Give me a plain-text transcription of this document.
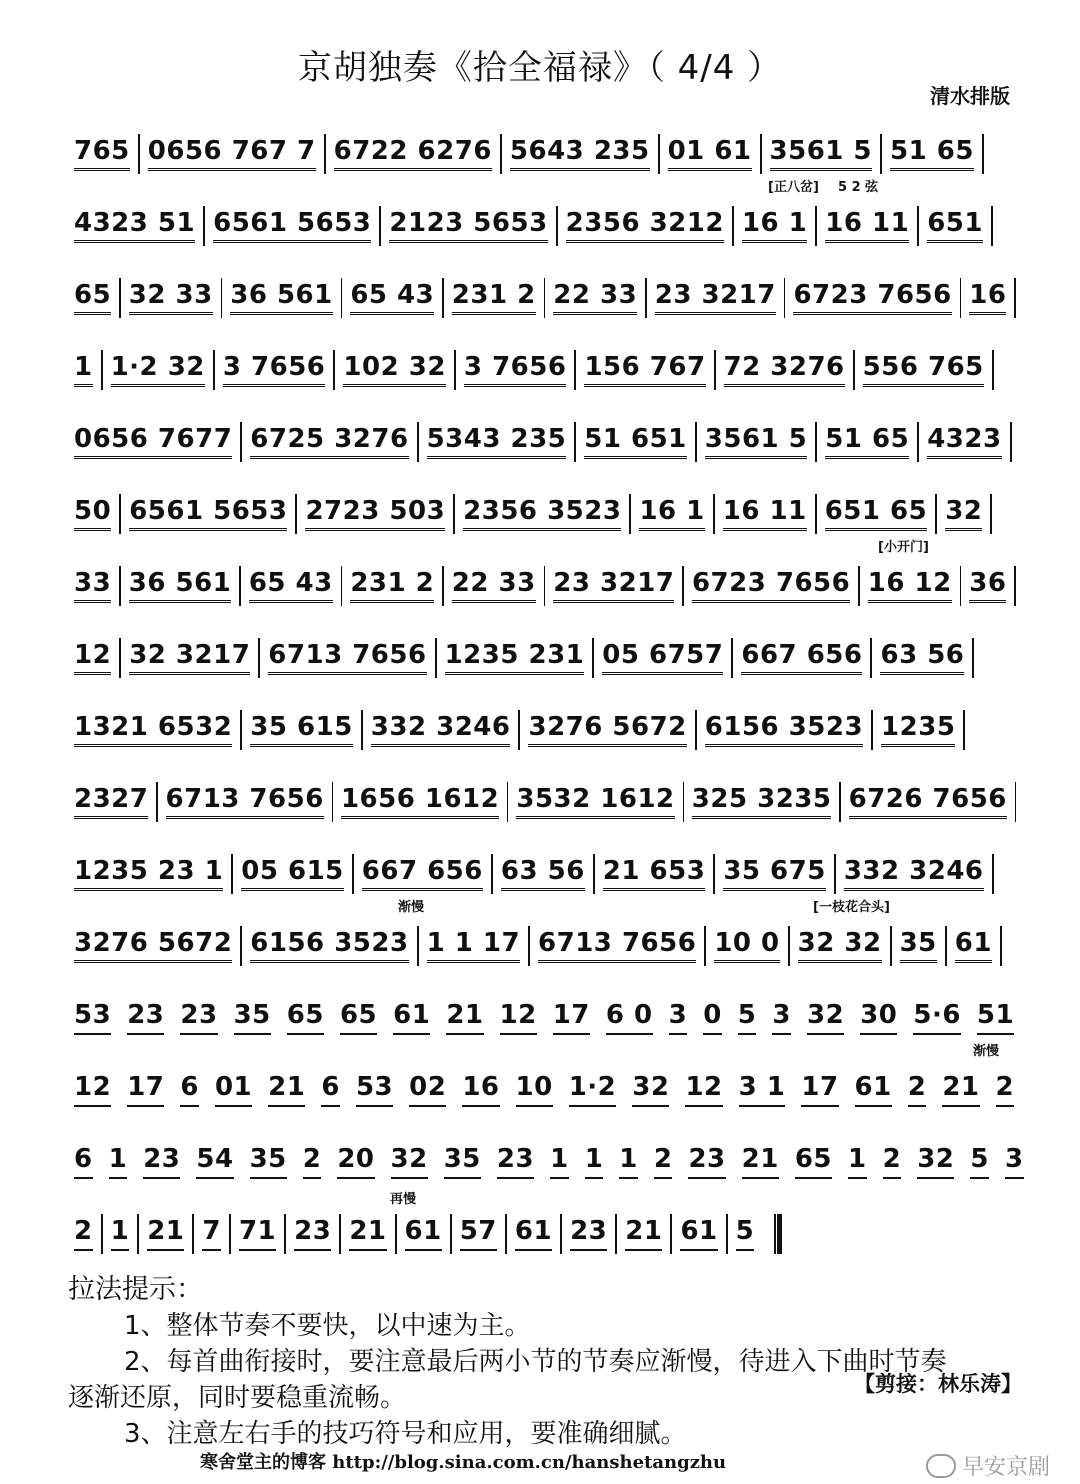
京胡独奏《拾全福禄》（ 4/4 ）
清水排版
765 0656 767 7 6722 6276 5643 235 01 61 3561 5 51 65
[正八岔] 5 2 弦
4323 51 6561 5653 2123 5653 2356 3212 16 1 16 11 651
65 32 33 36 561 65 43 231 2 22 33 23 3217 6723 7656 16
1 1·2 32 3 7656 102 32 3 7656 156 767 72 3276 556 765
0656 7677 6725 3276 5343 235 51 651 3561 5 51 65 4323
50 6561 5653 2723 503 2356 3523 16 1 16 11 651 65 32
[小开门]
33 36 561 65 43 231 2 22 33 23 3217 6723 7656 16 12 36
12 32 3217 6713 7656 1235 231 05 6757 667 656 63 56
1321 6532 35 615 332 3246 3276 5672 6156 3523 1235
2327 6713 7656 1656 1612 3532 1612 325 3235 6726 7656
1235 23 1 05 615 667 656 63 56 21 653 35 675 332 3246
渐慢	[一枝花合头]
3276 5672 6156 3523 1 1 17 6713 7656 10 0 32 32 35 61
53 23 23 35 65 65 61 21 12 17 6 0 3 0 5 3 32 30 5·6 51
渐慢
12 17 6 01 21 6 53 02 16 10 1·2 32 12 3 1 17 61 2 21 2
6 1 23 54 35 2 20 32 35 23 1 1 1 2 23 21 65 1 2 32 5 3
再慢
2 1 21 7 71 23 21 61 57 61 23 21 61 5
拉法提示：
1、整体节奏不要快，以中速为主。
2、每首曲衔接时，要注意最后两小节的节奏应渐慢，待进入下曲时节奏
逐渐还原，同时要稳重流畅。
3、注意左右手的技巧符号和应用，要准确细腻。
【剪接：林乐涛】
寒舍堂主的博客 http://blog.sina.com.cn/hanshetangzhu	早安京剧
